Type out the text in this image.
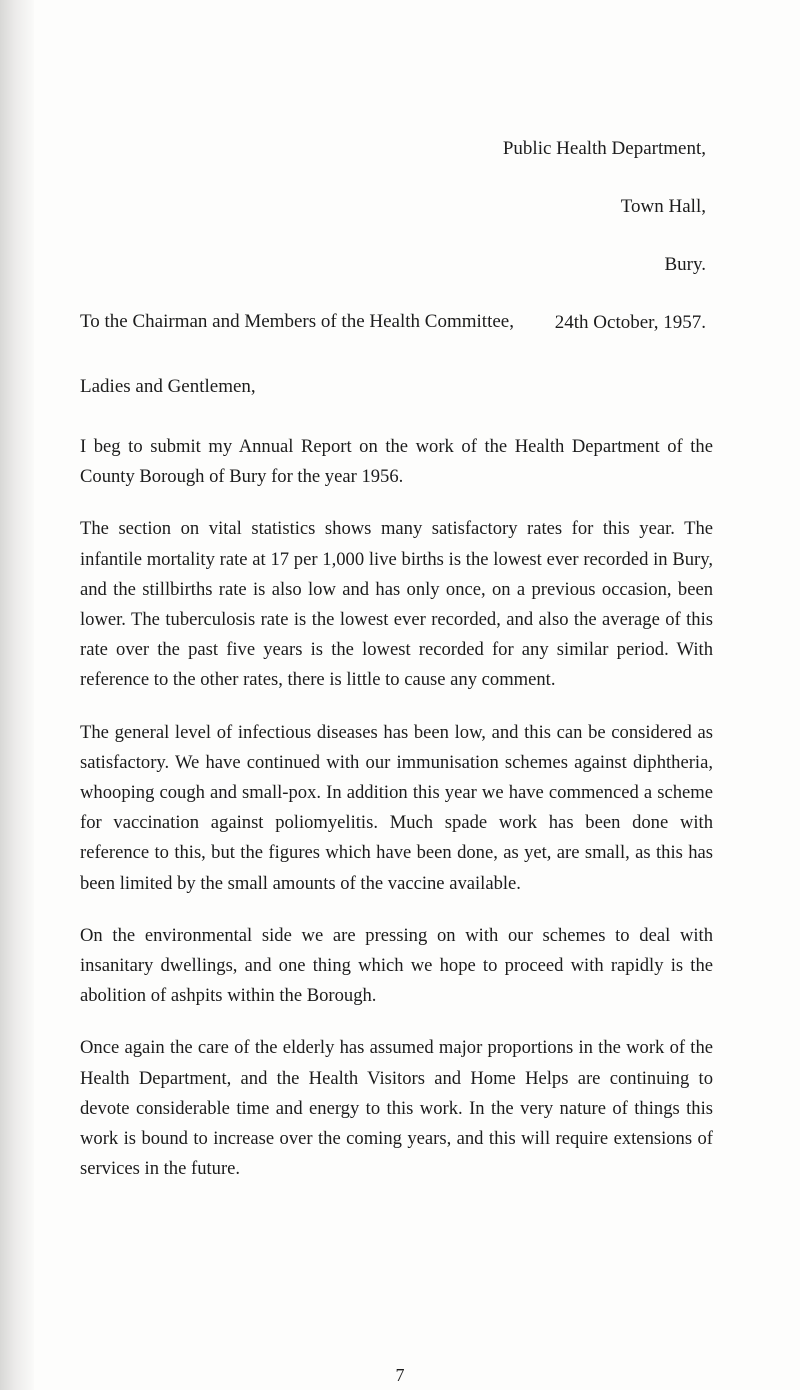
Public Health Department,
Town Hall,
Bury.
24th October, 1957.
To the Chairman and Members of the Health Committee,
Ladies and Gentlemen,

I beg to submit my Annual Report on the work of the Health Department of the County Borough of Bury for the year 1956.

The section on vital statistics shows many satisfactory rates for this year. The infantile mortality rate at 17 per 1,000 live births is the lowest ever recorded in Bury, and the stillbirths rate is also low and has only once, on a previous occasion, been lower. The tuberculosis rate is the lowest ever recorded, and also the average of this rate over the past five years is the lowest recorded for any similar period. With reference to the other rates, there is little to cause any comment.

The general level of infectious diseases has been low, and this can be considered as satisfactory. We have continued with our immunisation schemes against diphtheria, whooping cough and small-pox. In addition this year we have commenced a scheme for vaccination against poliomyelitis. Much spade work has been done with reference to this, but the figures which have been done, as yet, are small, as this has been limited by the small amounts of the vaccine available.

On the environmental side we are pressing on with our schemes to deal with insanitary dwellings, and one thing which we hope to proceed with rapidly is the abolition of ashpits within the Borough.

Once again the care of the elderly has assumed major proportions in the work of the Health Department, and the Health Visitors and Home Helps are continuing to devote considerable time and energy to this work. In the very nature of things this work is bound to increase over the coming years, and this will require extensions of services in the future.

7
